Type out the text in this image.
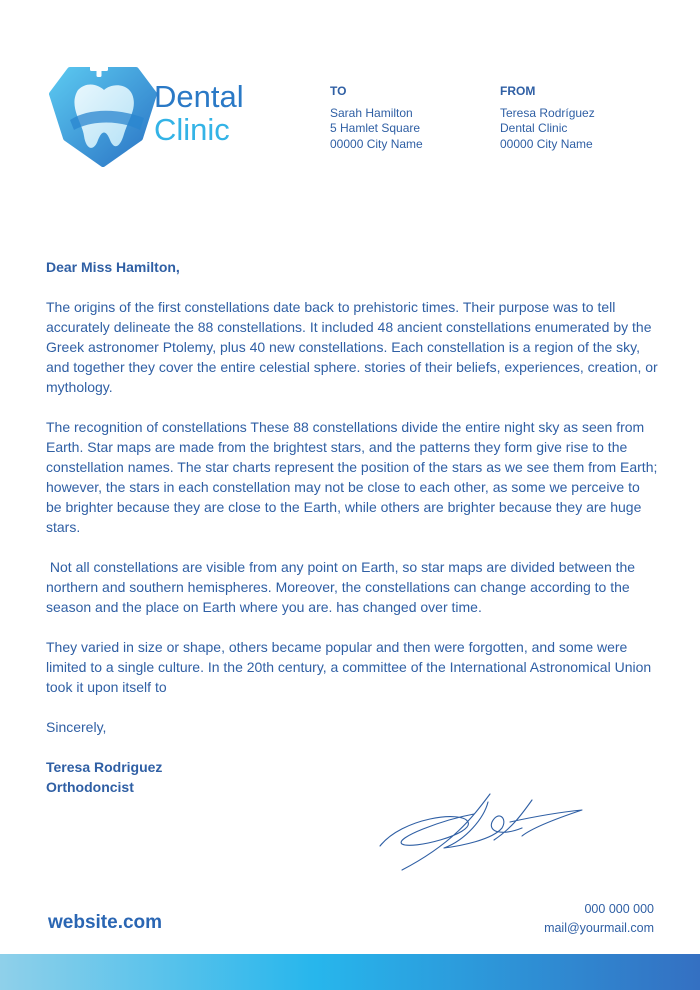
Dental
Clinic
TO
Sarah Hamilton
5 Hamlet Square
00000 City Name
FROM
Teresa Rodríguez
Dental Clinic
00000 City Name

Dear Miss Hamilton,

The origins of the first constellations date back to prehistoric times. Their purpose was to tell accurately delineate the 88 constellations. It included 48 ancient constellations enumerated by the Greek astronomer Ptolemy, plus 40 new constellations. Each constellation is a region of the sky, and together they cover the entire celestial sphere. stories of their beliefs, experiences, creation, or mythology.

The recognition of constellations These 88 constellations divide the entire night sky as seen from Earth. Star maps are made from the brightest stars, and the patterns they form give rise to the constellation names. The star charts represent the position of the stars as we see them from Earth; however, the stars in each constellation may not be close to each other, as some we perceive to be brighter because they are close to the Earth, while others are brighter because they are huge stars.

Not all constellations are visible from any point on Earth, so star maps are divided between the northern and southern hemispheres. Moreover, the constellations can change according to the season and the place on Earth where you are. has changed over time.

They varied in size or shape, others became popular and then were forgotten, and some were limited to a single culture. In the 20th century, a committee of the International Astronomical Union took it upon itself to

Sincerely,

Teresa Rodriguez
Orthodoncist
website.com
000 000 000
mail@yourmail.com
